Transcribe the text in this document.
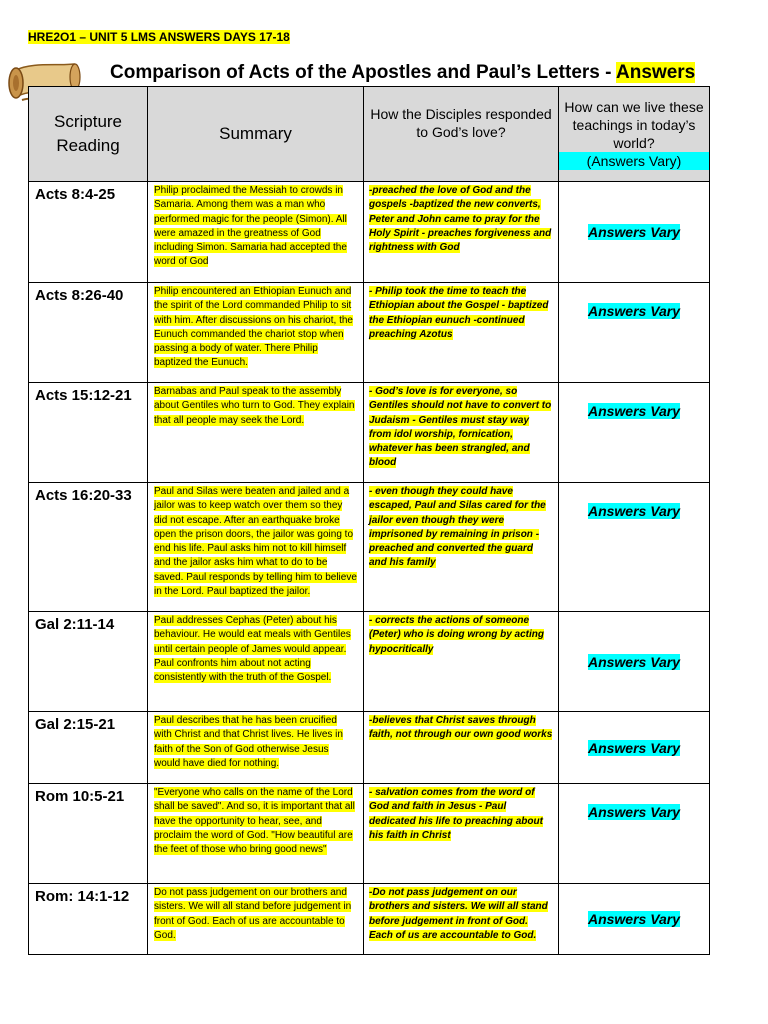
HRE2O1 – UNIT 5 LMS ANSWERS DAYS 17-18
Comparison of Acts of the Apostles and Paul’s Letters - Answers
Scripture Reading	Summary	How the Disciples responded to God’s love?	How can we live these teachings in today’s world?
(Answers Vary)

Acts 8:4-25	Philip proclaimed the Messiah to crowds in Samaria. Among them was a man who performed magic for the people (Simon). All were amazed in the greatness of God including Simon. Samaria had accepted the word of God	-preached the love of God and the gospels -baptized the new converts, Peter and John came to pray for the Holy Spirit - preaches forgiveness and rightness with God	Answers Vary
Acts 8:26-40	Philip encountered an Ethiopian Eunuch and the spirit of the Lord commanded Philip to sit with him. After discussions on his chariot, the Eunuch commanded the chariot stop when passing a body of water. There Philip baptized the Eunuch.	- Philip took the time to teach the Ethiopian about the Gospel - baptized the Ethiopian eunuch -continued preaching Azotus	Answers Vary
Acts 15:12-21	Barnabas and Paul speak to the assembly about Gentiles who turn to God. They explain that all people may seek the Lord.	- God’s love is for everyone, so Gentiles should not have to convert to Judaism - Gentiles must stay way from idol worship, fornication, whatever has been strangled, and blood	Answers Vary
Acts 16:20-33	Paul and Silas were beaten and jailed and a jailor was to keep watch over them so they did not escape. After an earthquake broke open the prison doors, the jailor was going to end his life. Paul asks him not to kill himself and the jailor asks him what to do to be saved. Paul responds by telling him to believe in the Lord. Paul baptized the jailor.	- even though they could have escaped, Paul and Silas cared for the jailor even though they were imprisoned by remaining in prison - preached and converted the guard and his family	Answers Vary
Gal 2:11-14	Paul addresses Cephas (Peter) about his behaviour. He would eat meals with Gentiles until certain people of James would appear. Paul confronts him about not acting consistently with the truth of the Gospel.	- corrects the actions of someone (Peter) who is doing wrong by acting hypocritically	Answers Vary
Gal 2:15-21	Paul describes that he has been crucified with Christ and that Christ lives. He lives in faith of the Son of God otherwise Jesus would have died for nothing.	-believes that Christ saves through faith, not through our own good works	Answers Vary
Rom 10:5-21	"Everyone who calls on the name of the Lord shall be saved". And so, it is important that all have the opportunity to hear, see, and proclaim the word of God. "How beautiful are the feet of those who bring good news"	- salvation comes from the word of God and faith in Jesus - Paul dedicated his life to preaching about his faith in Christ	Answers Vary
Rom: 14:1-12	Do not pass judgement on our brothers and sisters. We will all stand before judgement in front of God. Each of us are accountable to God.	-Do not pass judgement on our brothers and sisters. We will all stand before judgement in front of God. Each of us are accountable to God.	Answers Vary
